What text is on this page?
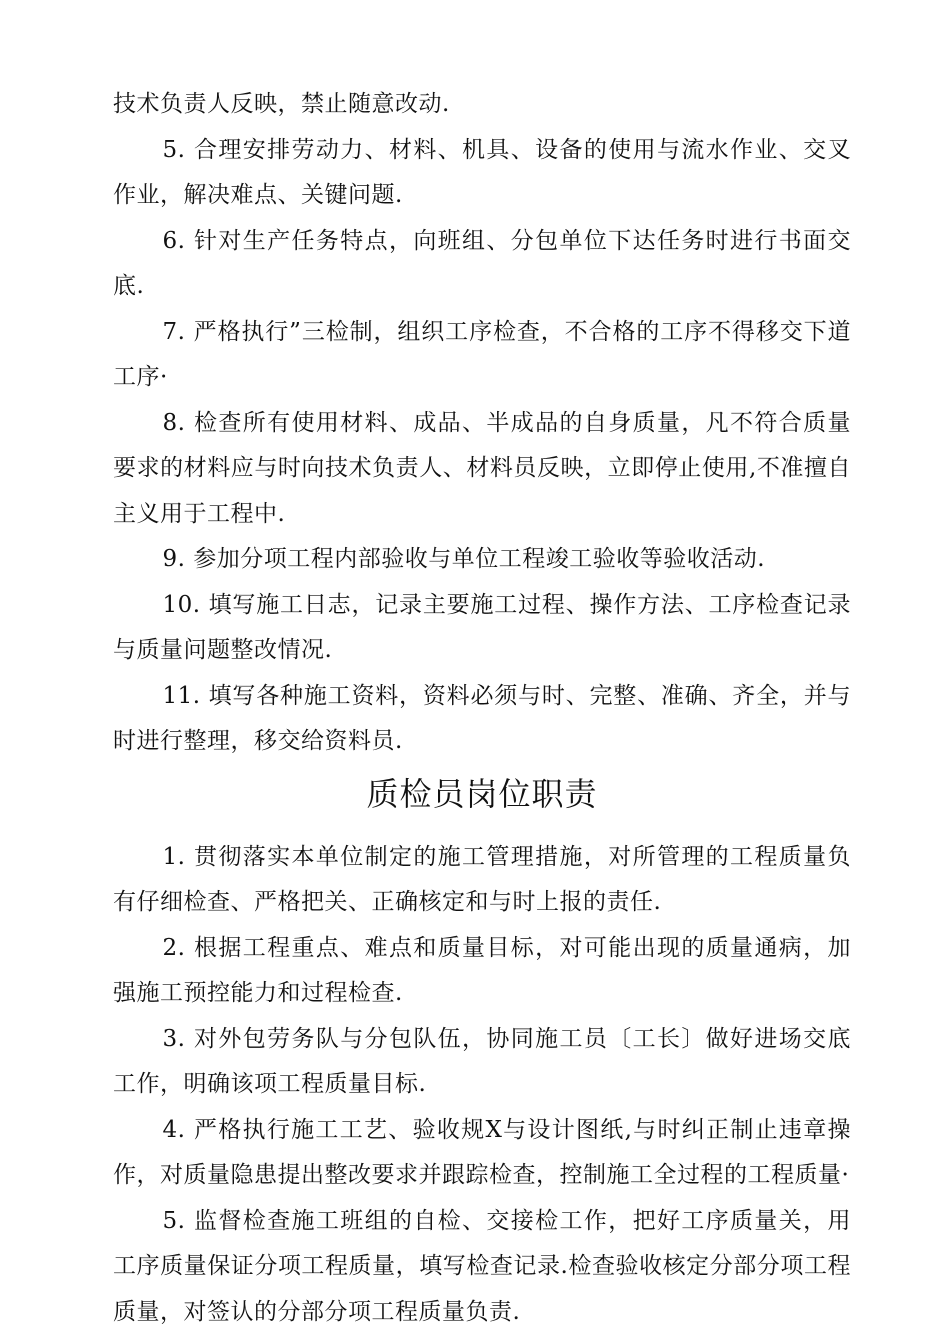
技术负责人反映，禁止随意改动.

5. 合理安排劳动力、材料、机具、设备的使用与流水作业、交叉作业，解决难点、关键问题.

6. 针对生产任务特点，向班组、分包单位下达任务时进行书面交底.

7. 严格执行”三检制，组织工序检查，不合格的工序不得移交下道工序·

8. 检查所有使用材料、成品、半成品的自身质量，凡不符合质量要求的材料应与时向技术负责人、材料员反映，立即停止使用,不准擅自主义用于工程中.

9. 参加分项工程内部验收与单位工程竣工验收等验收活动.

10. 填写施工日志，记录主要施工过程、操作方法、工序检查记录与质量问题整改情况.

11. 填写各种施工资料，资料必须与时、完整、准确、齐全，并与时进行整理，移交给资料员.

质检员岗位职责

1. 贯彻落实本单位制定的施工管理措施，对所管理的工程质量负有仔细检查、严格把关、正确核定和与时上报的责任.

2. 根据工程重点、难点和质量目标，对可能出现的质量通病，加强施工预控能力和过程检查.

3. 对外包劳务队与分包队伍，协同施工员〔工长〕做好进场交底工作，明确该项工程质量目标.

4. 严格执行施工工艺、验收规X与设计图纸,与时纠正制止违章操作，对质量隐患提出整改要求并跟踪检查，控制施工全过程的工程质量·

5. 监督检查施工班组的自检、交接检工作，把好工序质量关，用工序质量保证分项工程质量，填写检查记录.检查验收核定分部分项工程质量，对签认的分部分项工程质量负责.
